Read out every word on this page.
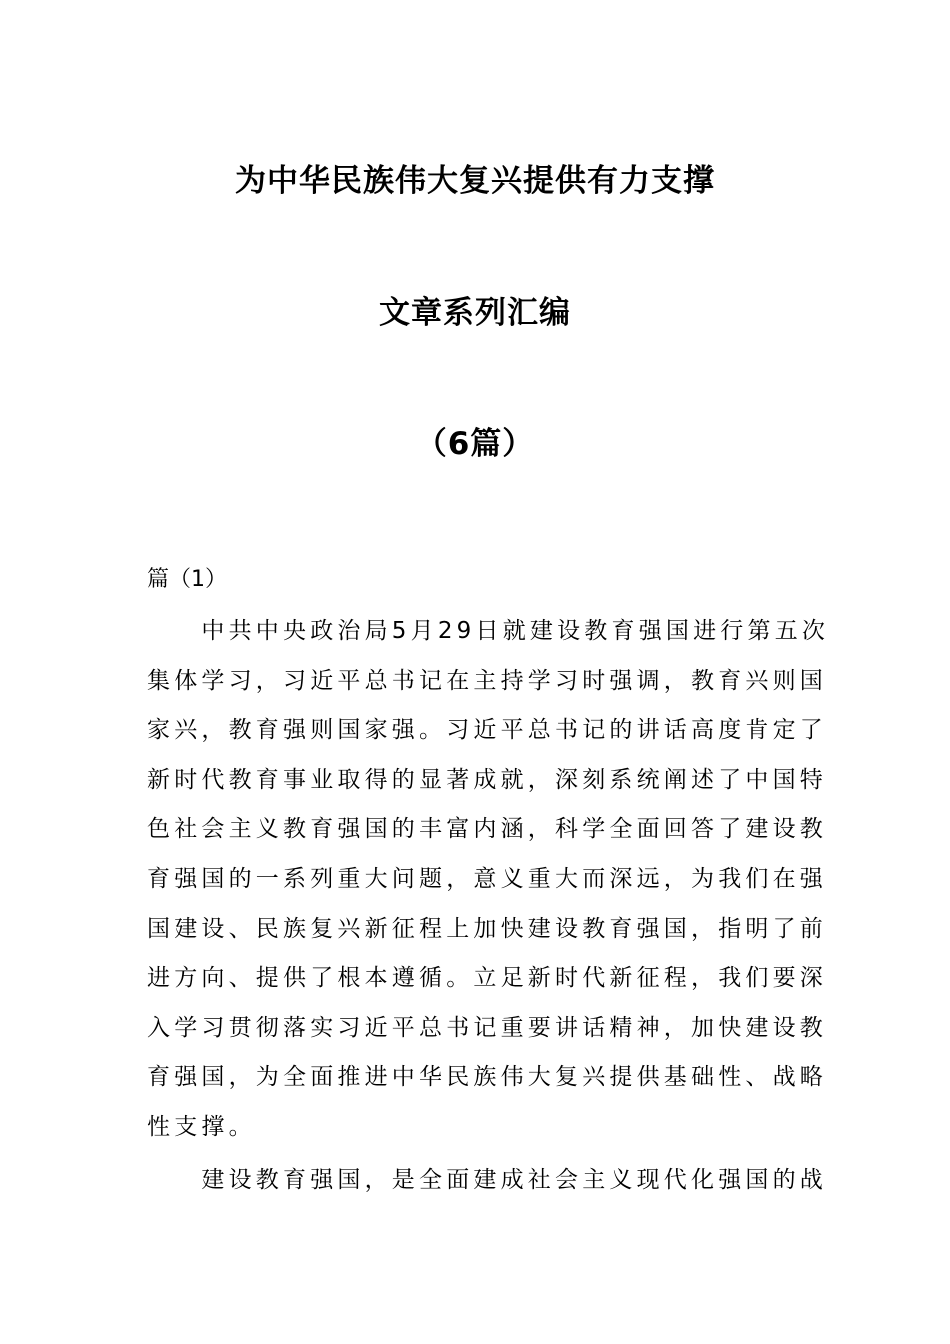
为中华民族伟大复兴提供有力支撑
文章系列汇编
（6篇）

篇（1）

　　中共中央政治局5月29日就建设教育强国进行第五次
集体学习，习近平总书记在主持学习时强调，教育兴则国
家兴，教育强则国家强。习近平总书记的讲话高度肯定了
新时代教育事业取得的显著成就，深刻系统阐述了中国特
色社会主义教育强国的丰富内涵，科学全面回答了建设教
育强国的一系列重大问题，意义重大而深远，为我们在强
国建设、民族复兴新征程上加快建设教育强国，指明了前
进方向、提供了根本遵循。立足新时代新征程，我们要深
入学习贯彻落实习近平总书记重要讲话精神，加快建设教
育强国，为全面推进中华民族伟大复兴提供基础性、战略
性支撑。

　　建设教育强国，是全面建成社会主义现代化强国的战
